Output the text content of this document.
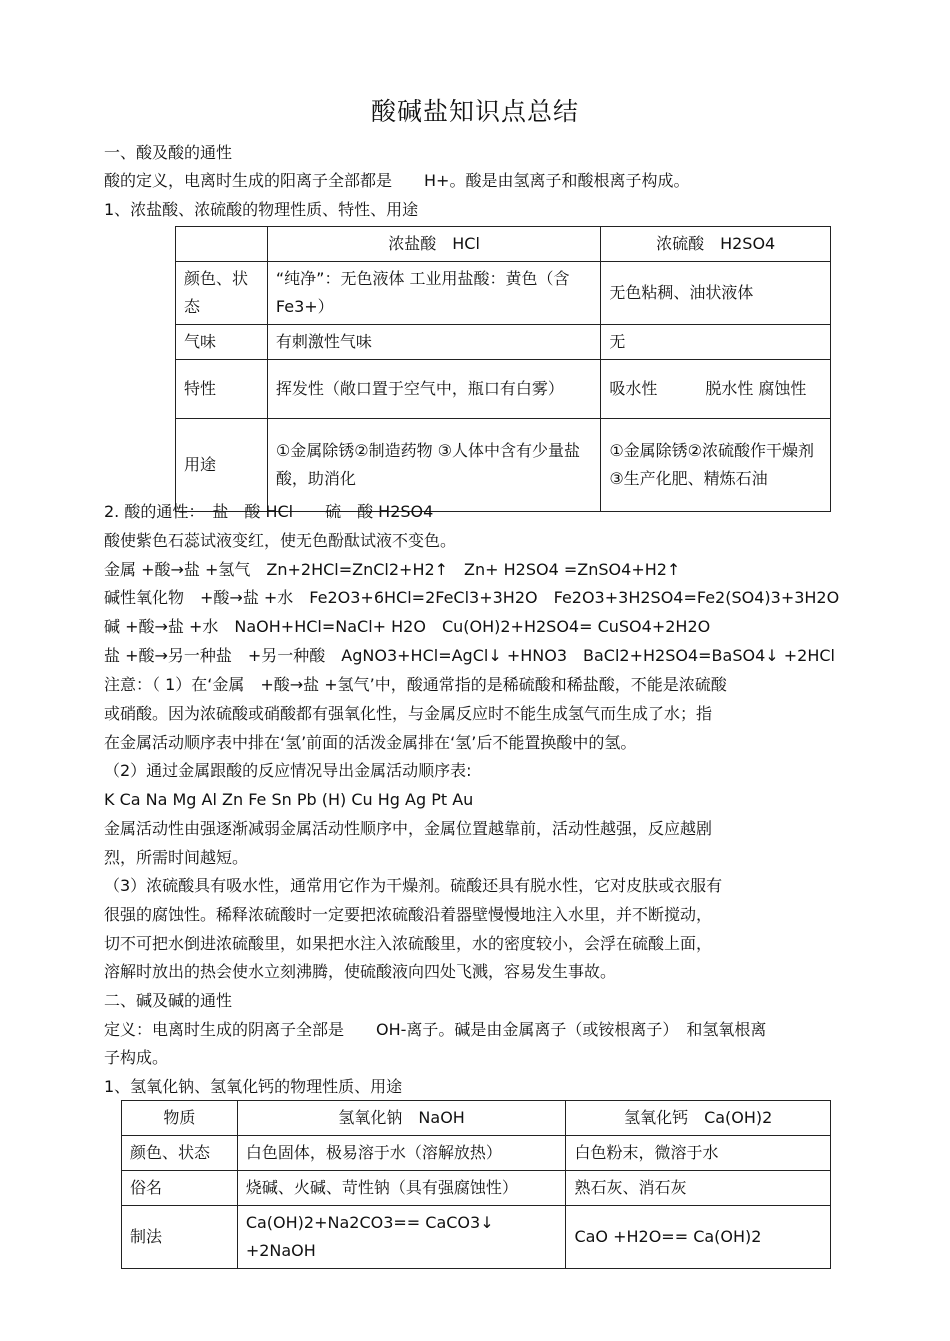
酸碱盐知识点总结
一、酸及酸的通性
酸的定义，电离时生成的阳离子全部都是　　H+。酸是由氢离子和酸根离子构成。
1、浓盐酸、浓硫酸的物理性质、特性、用途
	浓盐酸　HCl	浓硫酸　H2SO4
颜色、状态	“纯净”：无色液体 工业用盐酸：黄色（含　Fe3+）	无色粘稠、油状液体
气味	有刺激性气味	无
特性	挥发性（敞口置于空气中，瓶口有白雾）	吸水性　　　脱水性 腐蚀性
用途	①金属除锈②制造药物 ③人体中含有少量盐酸，助消化	①金属除锈②浓硫酸作干燥剂③生产化肥、精炼石油
2. 酸的通性：　盐　酸 HCl　　硫　酸 H2SO4
酸使紫色石蕊试液变红，使无色酚酞试液不变色。
金属 +酸→盐 +氢气　Zn+2HCl=ZnCl2+H2↑　Zn+ H2SO4 =ZnSO4+H2↑
碱性氧化物　+酸→盐 +水　Fe2O3+6HCl=2FeCl3+3H2O　Fe2O3+3H2SO4=Fe2(SO4)3+3H2O
碱 +酸→盐 +水　NaOH+HCl=NaCl+ H2O　Cu(OH)2+H2SO4= CuSO4+2H2O
盐 +酸→另一种盐　+另一种酸　AgNO3+HCl=AgCl↓ +HNO3　BaCl2+H2SO4=BaSO4↓ +2HCl
注意：（ 1）在‘金属　+酸→盐 +氢气’中，酸通常指的是稀硫酸和稀盐酸，不能是浓硫酸
或硝酸。因为浓硫酸或硝酸都有强氧化性，与金属反应时不能生成氢气而生成了水；指
在金属活动顺序表中排在‘氢’前面的活泼金属排在‘氢’后不能置换酸中的氢。
（2）通过金属跟酸的反应情况导出金属活动顺序表:
K Ca Na Mg Al Zn Fe Sn Pb (H) Cu Hg Ag Pt Au
金属活动性由强逐渐减弱金属活动性顺序中，金属位置越靠前，活动性越强，反应越剧
烈，所需时间越短。
（3）浓硫酸具有吸水性，通常用它作为干燥剂。硫酸还具有脱水性，它对皮肤或衣服有
很强的腐蚀性。稀释浓硫酸时一定要把浓硫酸沿着器壁慢慢地注入水里，并不断搅动，
切不可把水倒进浓硫酸里，如果把水注入浓硫酸里，水的密度较小，会浮在硫酸上面，
溶解时放出的热会使水立刻沸腾，使硫酸液向四处飞溅，容易发生事故。
二、碱及碱的通性
定义：电离时生成的阴离子全部是　　OH-离子。碱是由金属离子（或铵根离子）　和氢氧根离
子构成。
1、氢氧化钠、氢氧化钙的物理性质、用途
物质	氢氧化钠　NaOH	氢氧化钙　Ca(OH)2
颜色、状态	白色固体，极易溶于水（溶解放热）	白色粉末，微溶于水
俗名	烧碱、火碱、苛性钠（具有强腐蚀性）	熟石灰、消石灰
制法	Ca(OH)2+Na2CO3== CaCO3↓ +2NaOH	CaO +H2O== Ca(OH)2
